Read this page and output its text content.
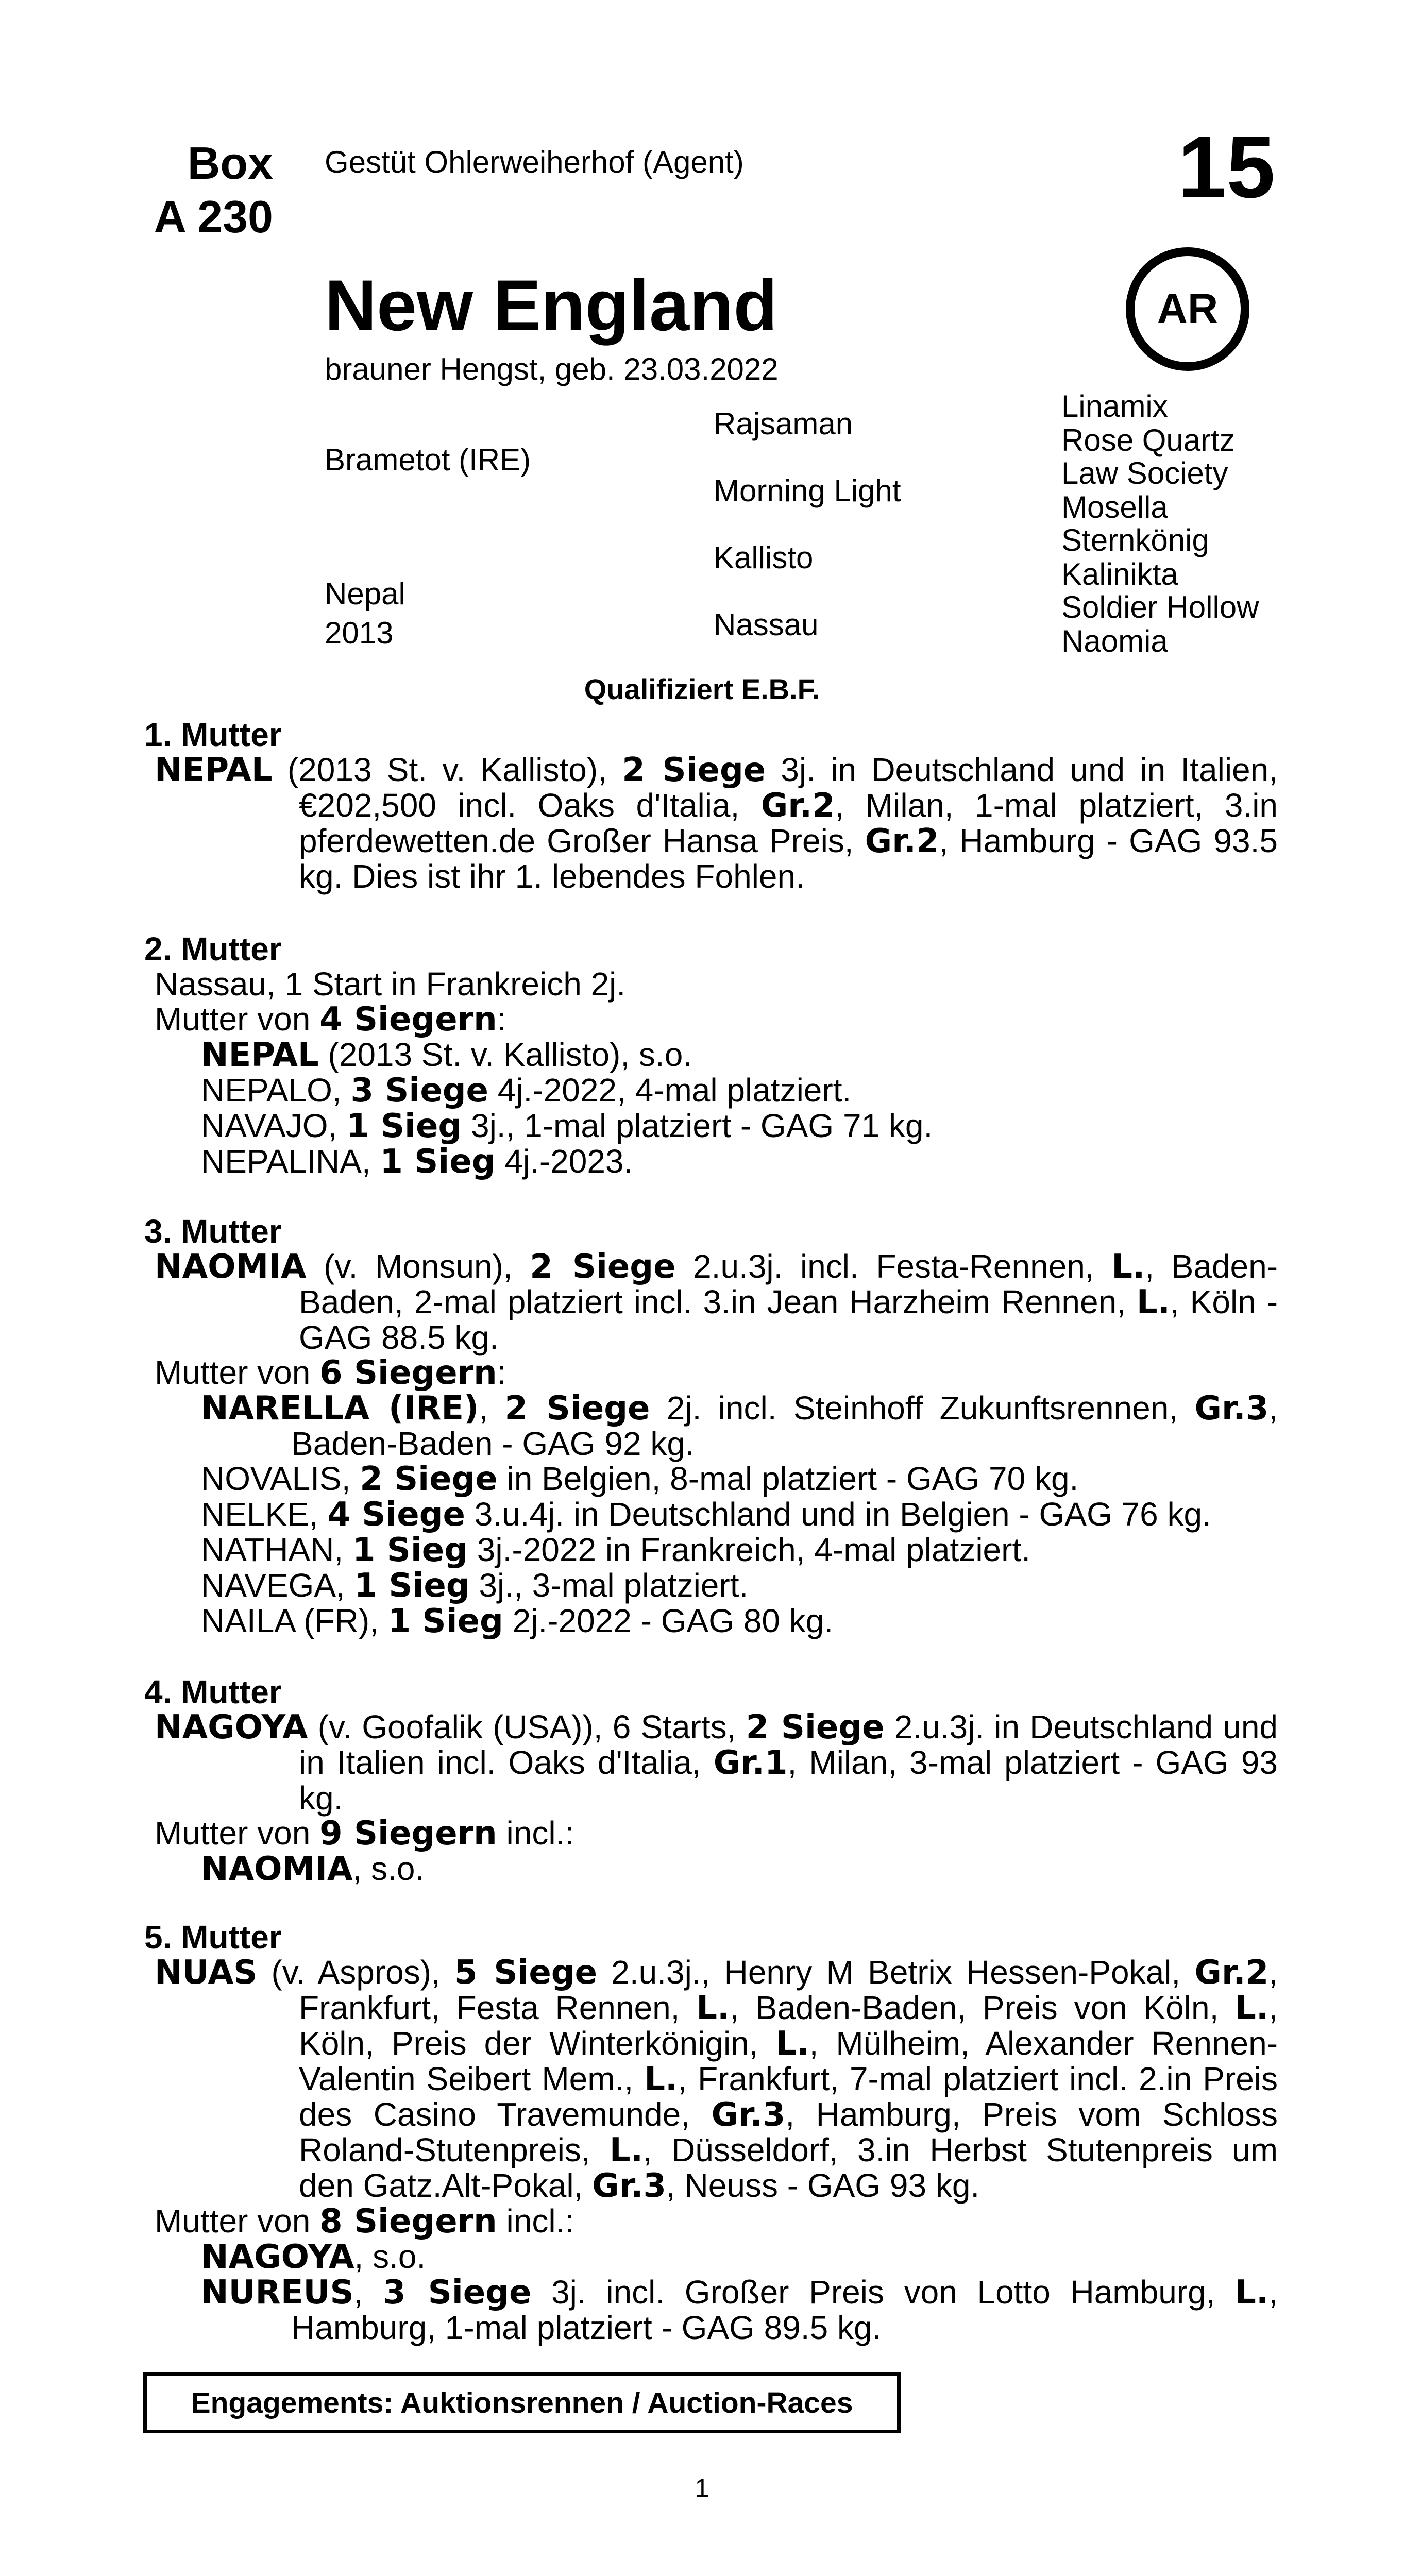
Box
A 230
Gestüt Ohlerweiherhof (Agent)	15
AR
New England
brauner Hengst, geb. 23.03.2022
Brametot (IRE)
Nepal
2013
Rajsaman
Morning Light
Kallisto
Nassau
Linamix
Rose Quartz
Law Society
Mosella
Sternkönig
Kalinikta
Soldier Hollow
Naomia
Qualifiziert E.B.F.

1. Mutter

NEPAL (2013 St. v. Kallisto), 2 Siege 3j. in Deutschland und in Italien, €202,500 incl. Oaks d'Italia, Gr.2, Milan, 1-mal platziert, 3.in pferdewetten.de Großer Hansa Preis, Gr.2, Hamburg - GAG 93.5 kg. Dies ist ihr 1. lebendes Fohlen.

2. Mutter

Nassau, 1 Start in Frankreich 2j.

Mutter von 4 Siegern:

NEPAL (2013 St. v. Kallisto), s.o.

NEPALO, 3 Siege 4j.-2022, 4-mal platziert.

NAVAJO, 1 Sieg 3j., 1-mal platziert - GAG 71 kg.

NEPALINA, 1 Sieg 4j.-2023.

3. Mutter

NAOMIA (v. Monsun), 2 Siege 2.u.3j. incl. Festa-Rennen, L., Baden-Baden, 2-mal platziert incl. 3.in Jean Harzheim Rennen, L., Köln - GAG 88.5 kg.

Mutter von 6 Siegern:

NARELLA (IRE), 2 Siege 2j. incl. Steinhoff Zukunftsrennen, Gr.3, Baden-Baden - GAG 92 kg.

NOVALIS, 2 Siege in Belgien, 8-mal platziert - GAG 70 kg.

NELKE, 4 Siege 3.u.4j. in Deutschland und in Belgien - GAG 76 kg.

NATHAN, 1 Sieg 3j.-2022 in Frankreich, 4-mal platziert.

NAVEGA, 1 Sieg 3j., 3-mal platziert.

NAILA (FR), 1 Sieg 2j.-2022 - GAG 80 kg.

4. Mutter

NAGOYA (v. Goofalik (USA)), 6 Starts, 2 Siege 2.u.3j. in Deutschland und in Italien incl. Oaks d'Italia, Gr.1, Milan, 3-mal platziert - GAG 93 kg.

Mutter von 9 Siegern incl.:

NAOMIA, s.o.

5. Mutter

NUAS (v. Aspros), 5 Siege 2.u.3j., Henry M Betrix Hessen-Pokal, Gr.2, Frankfurt, Festa Rennen, L., Baden-Baden, Preis von Köln, L., Köln, Preis der Winterkönigin, L., Mülheim, Alexander Rennen-Valentin Seibert Mem., L., Frankfurt, 7-mal platziert incl. 2.in Preis des Casino Travemunde, Gr.3, Hamburg, Preis vom Schloss Roland-Stutenpreis, L., Düsseldorf, 3.in Herbst Stutenpreis um den Gatz.Alt-Pokal, Gr.3, Neuss - GAG 93 kg.

Mutter von 8 Siegern incl.:

NAGOYA, s.o.

NUREUS, 3 Siege 3j. incl. Großer Preis von Lotto Hamburg, L., Hamburg, 1-mal platziert - GAG 89.5 kg.

Engagements: Auktionsrennen / Auction-Races
1
